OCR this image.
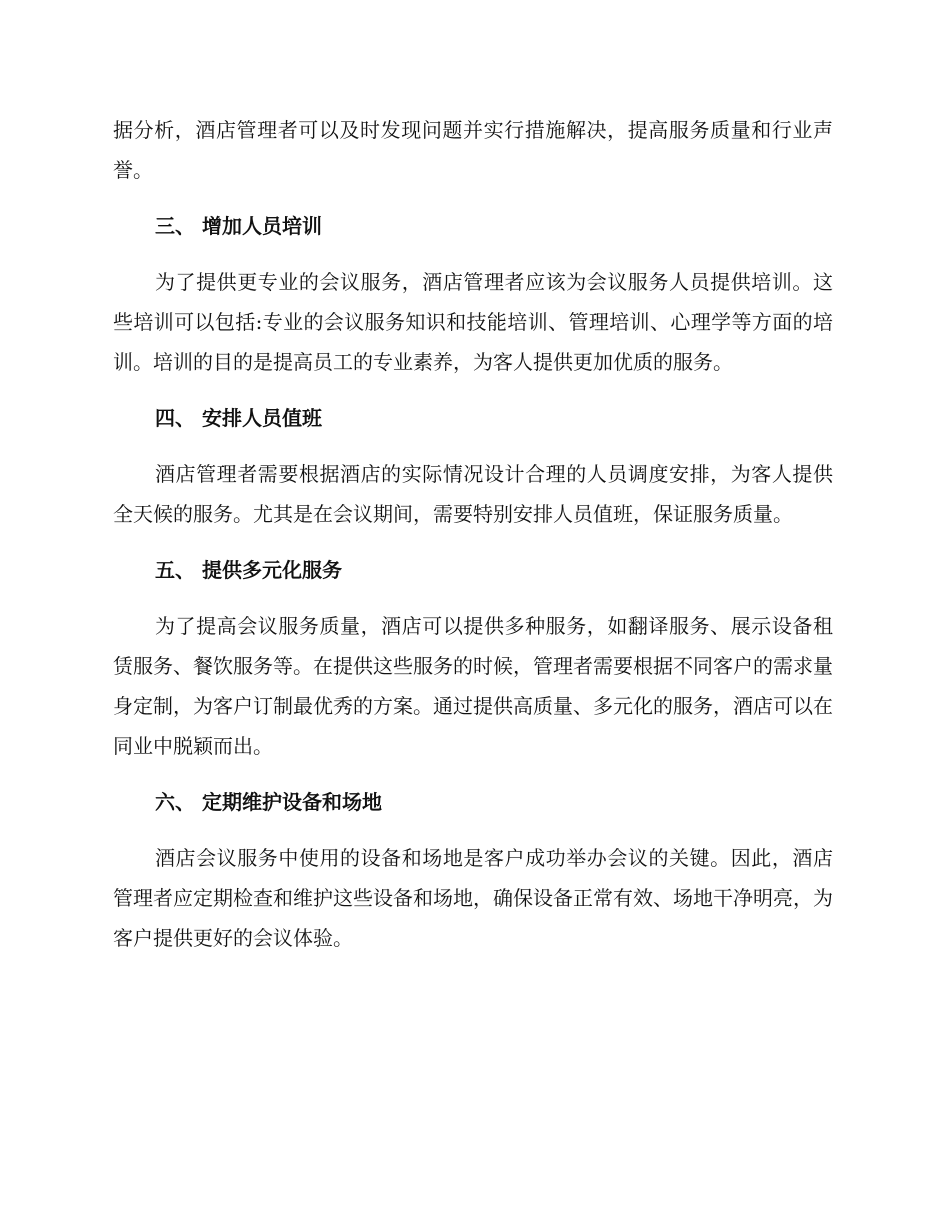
据分析，酒店管理者可以及时发现问题并实行措施解决，提高服务质量和行业声誉。

三、 增加人员培训

为了提供更专业的会议服务，酒店管理者应该为会议服务人员提供培训。这些培训可以包括:专业的会议服务知识和技能培训、管理培训、心理学等方面的培训。培训的目的是提高员工的专业素养，为客人提供更加优质的服务。

四、 安排人员值班

酒店管理者需要根据酒店的实际情况设计合理的人员调度安排，为客人提供全天候的服务。尤其是在会议期间，需要特别安排人员值班，保证服务质量。

五、 提供多元化服务

为了提高会议服务质量，酒店可以提供多种服务，如翻译服务、展示设备租赁服务、餐饮服务等。在提供这些服务的时候，管理者需要根据不同客户的需求量身定制，为客户订制最优秀的方案。通过提供高质量、多元化的服务，酒店可以在同业中脱颖而出。

六、 定期维护设备和场地

酒店会议服务中使用的设备和场地是客户成功举办会议的关键。因此，酒店管理者应定期检查和维护这些设备和场地，确保设备正常有效、场地干净明亮，为客户提供更好的会议体验。
